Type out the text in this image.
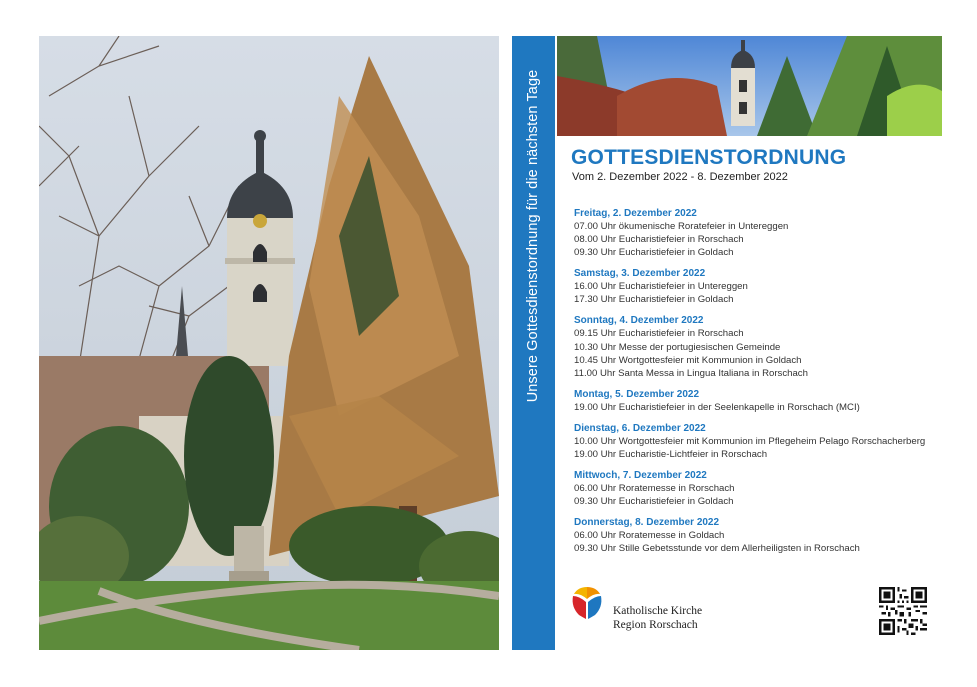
Unsere Gottesdienstordnung für die nächsten Tage GOTTESDIENSTORDNUNG
Vom 2. Dezember 2022 - 8. Dezember 2022
Freitag, 2. Dezember 2022
07.00 Uhr ökumenische Roratefeier in Untereggen
08.00 Uhr Eucharistiefeier in Rorschach
09.30 Uhr Eucharistiefeier in Goldach
Samstag, 3. Dezember 2022
16.00 Uhr Eucharistiefeier in Untereggen
17.30 Uhr Eucharistiefeier in Goldach
Sonntag, 4. Dezember 2022
09.15 Uhr Eucharistiefeier in Rorschach
10.30 Uhr Messe der portugiesischen Gemeinde
10.45 Uhr Wortgottesfeier mit Kommunion in Goldach
11.00 Uhr Santa Messa in Lingua Italiana in Rorschach
Montag, 5. Dezember 2022
19.00 Uhr Eucharistiefeier in der Seelenkapelle in Rorschach (MCI)
Dienstag, 6. Dezember 2022
10.00 Uhr Wortgottesfeier mit Kommunion im Pflegeheim Pelago Rorschacherberg
19.00 Uhr Eucharistie-Lichtfeier in Rorschach
Mittwoch, 7. Dezember 2022
06.00 Uhr Roratemesse in Rorschach
09.30 Uhr Eucharistiefeier in Goldach
Donnerstag, 8. Dezember 2022
06.00 Uhr Roratemesse in Goldach
09.30 Uhr Stille Gebetsstunde vor dem Allerheiligsten in Rorschach
Katholische Kirche
Region Rorschach
